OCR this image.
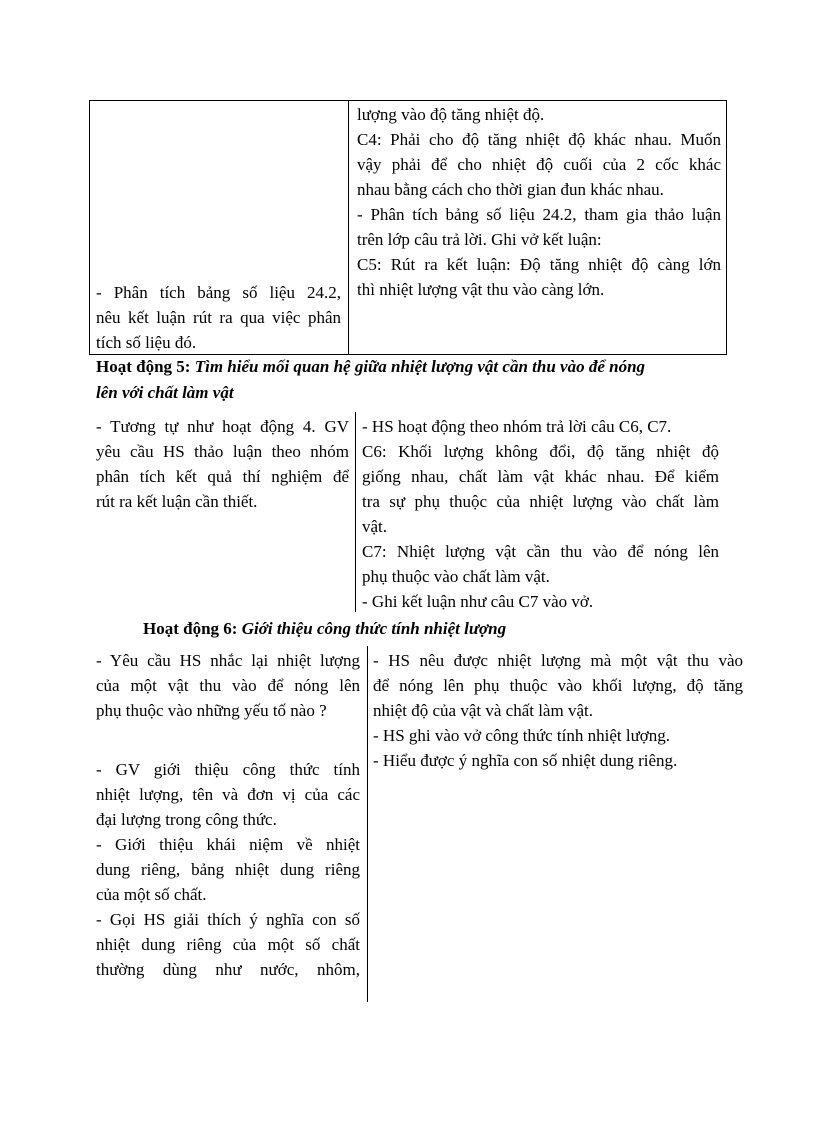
lượng vào độ tăng nhiệt độ.
C4: Phải cho độ tăng nhiệt độ khác nhau. Muốn
vậy phải để cho nhiệt độ cuối của 2 cốc khác
nhau bằng cách cho thời gian đun khác nhau.
- Phân tích bảng số liệu 24.2, tham gia thảo luận
trên lớp câu trả lời. Ghi vở kết luận:
C5: Rút ra kết luận: Độ tăng nhiệt độ càng lớn
thì nhiệt lượng vật thu vào càng lớn.
- Phân tích bảng số liệu 24.2,
nêu kết luận rút ra qua việc phân
tích số liệu đó.
Hoạt động 5: Tìm hiểu mối quan hệ giữa nhiệt lượng vật cần thu vào để nóng
lên với chất làm vật
- Tương tự như hoạt động 4. GV
yêu cầu HS thảo luận theo nhóm
phân tích kết quả thí nghiệm để
rút ra kết luận cần thiết.
- HS hoạt động theo nhóm trả lời câu C6, C7.
C6: Khối lượng không đổi, độ tăng nhiệt độ
giống nhau, chất làm vật khác nhau. Để kiểm
tra sự phụ thuộc của nhiệt lượng vào chất làm
vật.
C7: Nhiệt lượng vật cần thu vào để nóng lên
phụ thuộc vào chất làm vật.
- Ghi kết luận như câu C7 vào vở.
Hoạt động 6: Giới thiệu công thức tính nhiệt lượng
- Yêu cầu HS nhắc lại nhiệt lượng
của một vật thu vào để nóng lên
phụ thuộc vào những yếu tố nào ?
- GV giới thiệu công thức tính
nhiệt lượng, tên và đơn vị của các
đại lượng trong công thức.
- Giới thiệu khái niệm về nhiệt
dung riêng, bảng nhiệt dung riêng
của một số chất.
- Gọi HS giải thích ý nghĩa con số
nhiệt dung riêng của một số chất
thường dùng như nước, nhôm,
- HS nêu được nhiệt lượng mà một vật thu vào
để nóng lên phụ thuộc vào khối lượng, độ tăng
nhiệt độ của vật và chất làm vật.
- HS ghi vào vở công thức tính nhiệt lượng.
- Hiểu được ý nghĩa con số nhiệt dung riêng.
